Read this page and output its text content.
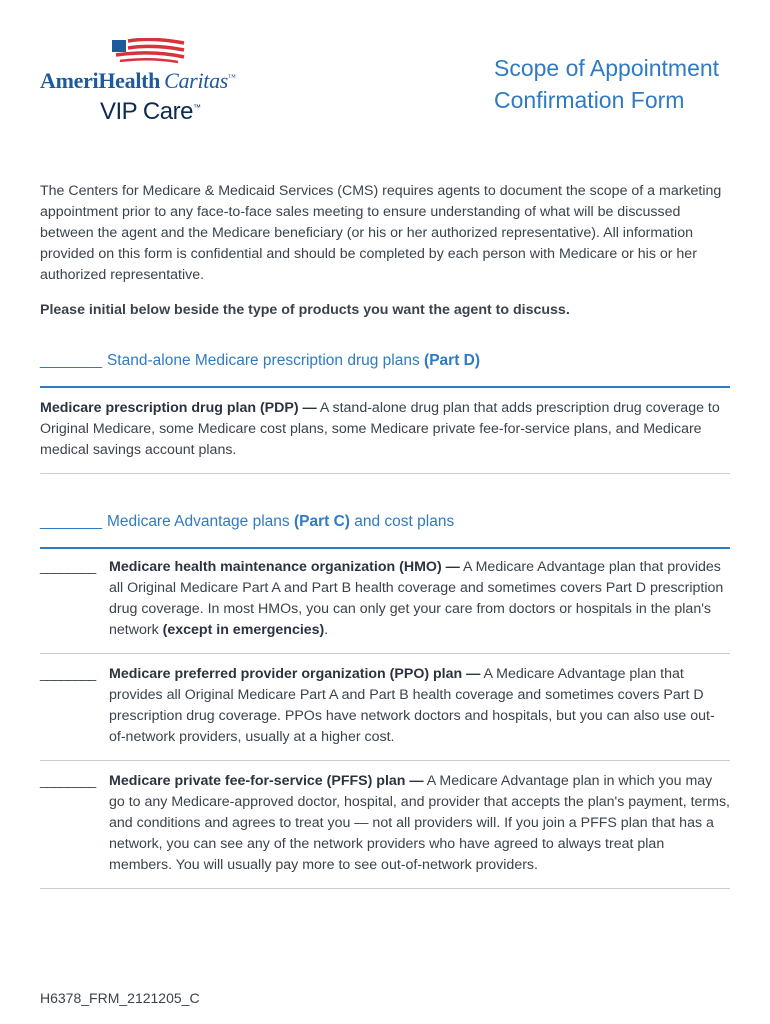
AmeriHealth Caritas™
VIP Care™
Scope of Appointment
Confirmation Form

The Centers for Medicare & Medicaid Services (CMS) requires agents to document the scope of a marketing appointment prior to any face-to-face sales meeting to ensure understanding of what will be discussed between the agent and the Medicare beneficiary (or his or her authorized representative). All information provided on this form is confidential and should be completed by each person with Medicare or his or her authorized representative.

Please initial below beside the type of products you want the agent to discuss.

________ Stand-alone Medicare prescription drug plans (Part D)

Medicare prescription drug plan (PDP) — A stand-alone drug plan that adds prescription drug coverage to Original Medicare, some Medicare cost plans, some Medicare private fee-for-service plans, and Medicare medical savings account plans.

________ Medicare Advantage plans (Part C) and cost plans
________ Medicare health maintenance organization (HMO) — A Medicare Advantage plan that provides all Original Medicare Part A and Part B health coverage and sometimes covers Part D prescription drug coverage. In most HMOs, you can only get your care from doctors or hospitals in the plan's network (except in emergencies).

________ Medicare preferred provider organization (PPO) plan — A Medicare Advantage plan that provides all Original Medicare Part A and Part B health coverage and sometimes covers Part D prescription drug coverage. PPOs have network doctors and hospitals, but you can also use out-of-network providers, usually at a higher cost.

________ Medicare private fee-for-service (PFFS) plan — A Medicare Advantage plan in which you may go to any Medicare-approved doctor, hospital, and provider that accepts the plan's payment, terms, and conditions and agrees to treat you — not all providers will. If you join a PFFS plan that has a network, you can see any of the network providers who have agreed to always treat plan members. You will usually pay more to see out-of-network providers.

H6378_FRM_2121205_C
